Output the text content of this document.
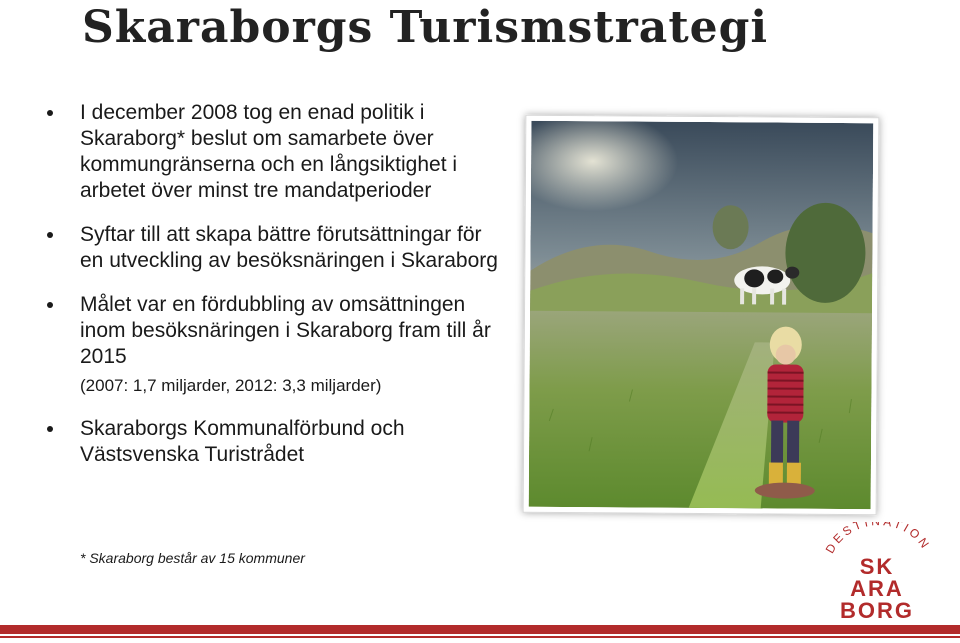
Skaraborgs Turismstrategi
I december 2008 tog en enad politik i Skaraborg* beslut om samarbete över kommungränserna och en långsiktighet i arbetet över minst tre mandatperioder
Syftar till att skapa bättre förutsättningar för en utveckling av besöksnäringen i Skaraborg
Målet var en fördubbling av omsättningen inom besöksnäringen i Skaraborg fram till år 2015
(2007: 1,7 miljarder, 2012: 3,3 miljarder)
Skaraborgs Kommunalförbund och Västsvenska Turistrådet
* Skaraborg består av 15 kommuner
DESTI TION
SK
ARA
BORG
